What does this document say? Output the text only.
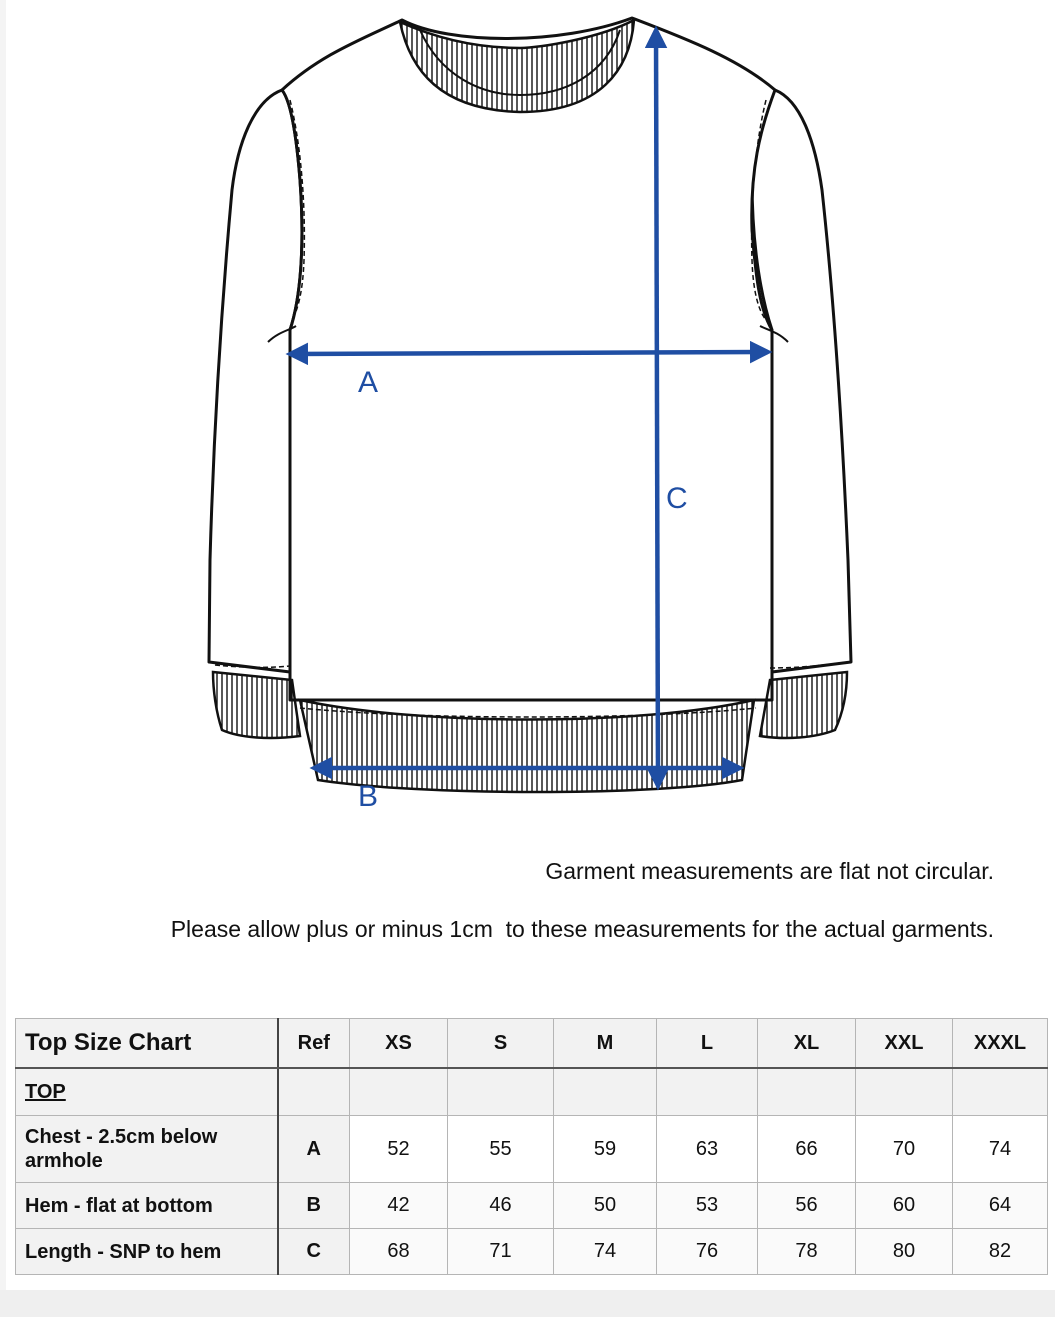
A
C
B
Garment measurements are flat not circular.
Please allow plus or minus 1cm  to these measurements for the actual garments.
Top Size Chart	Ref	XS	S	M	L	XL	XXL	XXXL
TOP								
Chest - 2.5cm below armhole	A	52	55	59	63	66	70	74
Hem - flat at bottom	B	42	46	50	53	56	60	64
Length - SNP to hem	C	68	71	74	76	78	80	82
